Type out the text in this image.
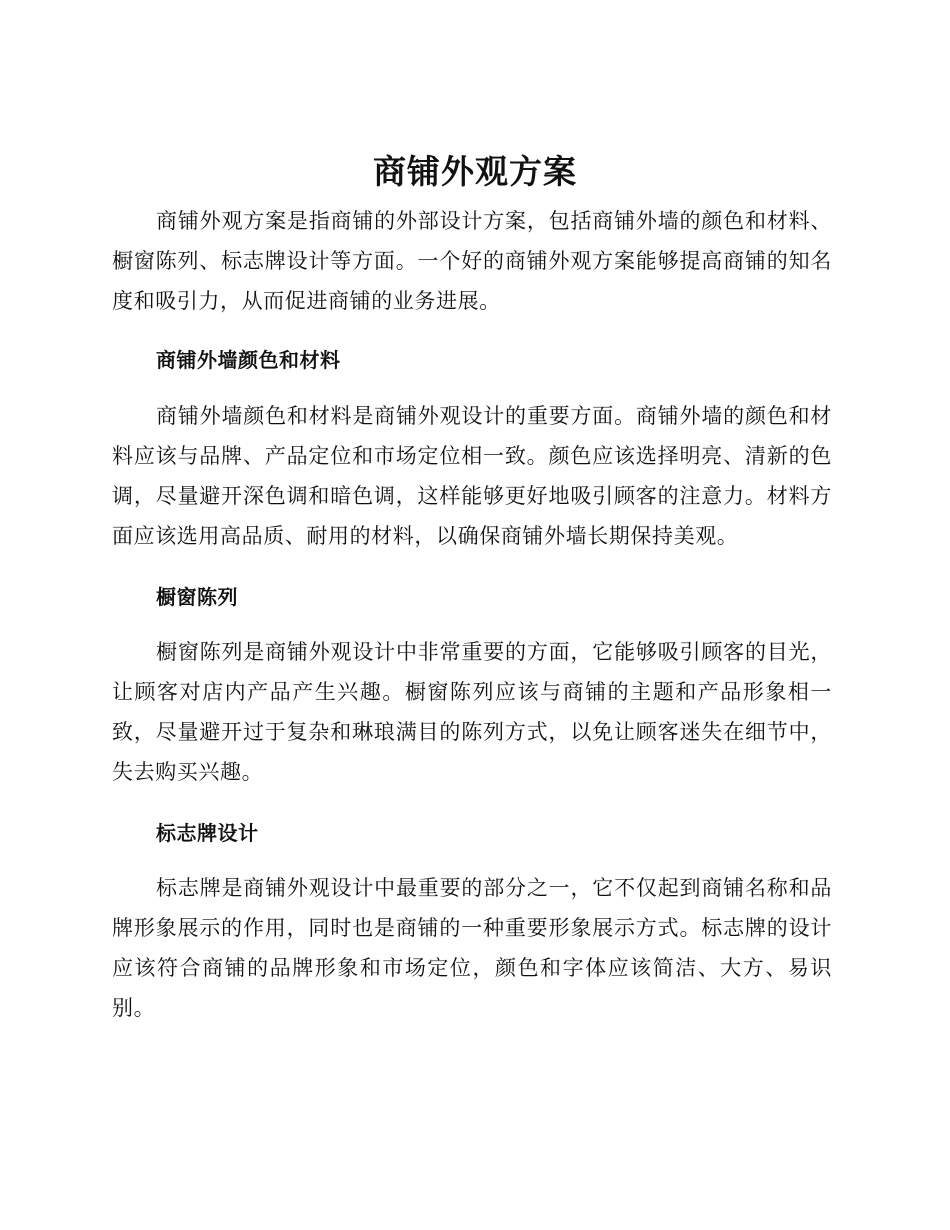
商铺外观方案

商铺外观方案是指商铺的外部设计方案，包括商铺外墙的颜色和材料、橱窗陈列、标志牌设计等方面。一个好的商铺外观方案能够提高商铺的知名度和吸引力，从而促进商铺的业务进展。

商铺外墙颜色和材料

商铺外墙颜色和材料是商铺外观设计的重要方面。商铺外墙的颜色和材料应该与品牌、产品定位和市场定位相一致。颜色应该选择明亮、清新的色调，尽量避开深色调和暗色调，这样能够更好地吸引顾客的注意力。材料方面应该选用高品质、耐用的材料，以确保商铺外墙长期保持美观。

橱窗陈列

橱窗陈列是商铺外观设计中非常重要的方面，它能够吸引顾客的目光，让顾客对店内产品产生兴趣。橱窗陈列应该与商铺的主题和产品形象相一致，尽量避开过于复杂和琳琅满目的陈列方式，以免让顾客迷失在细节中，失去购买兴趣。

标志牌设计

标志牌是商铺外观设计中最重要的部分之一，它不仅起到商铺名称和品牌形象展示的作用，同时也是商铺的一种重要形象展示方式。标志牌的设计应该符合商铺的品牌形象和市场定位，颜色和字体应该简洁、大方、易识别。
